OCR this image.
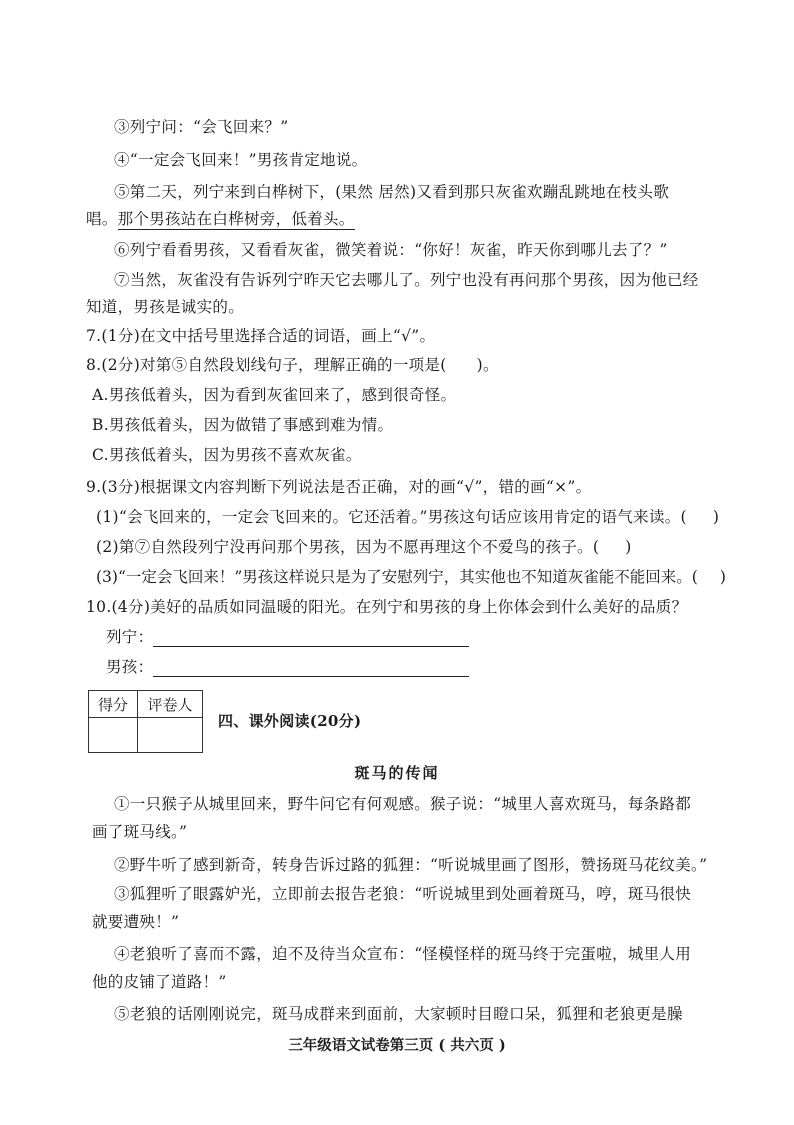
③列宁问：“会飞回来？”
④“一定会飞回来！”男孩肯定地说。
⑤第二天，列宁来到白桦树下，(果然 居然)又看到那只灰雀欢蹦乱跳地在枝头歌
唱。那个男孩站在白桦树旁，低着头。
⑥列宁看看男孩，又看看灰雀，微笑着说：“你好！灰雀，昨天你到哪儿去了？”
⑦当然，灰雀没有告诉列宁昨天它去哪儿了。列宁也没有再问那个男孩，因为他已经
知道，男孩是诚实的。
7.(1分)在文中括号里选择合适的词语，画上“√”。
8.(2分)对第⑤自然段划线句子，理解正确的一项是( )。
A.男孩低着头，因为看到灰雀回来了，感到很奇怪。
B.男孩低着头，因为做错了事感到难为情。
C.男孩低着头，因为男孩不喜欢灰雀。
9.(3分)根据课文内容判断下列说法是否正确，对的画“√”，错的画“×”。
(1)“会飞回来的，一定会飞回来的。它还活着。”男孩这句话应该用肯定的语气来读。( )
(2)第⑦自然段列宁没再问那个男孩，因为不愿再理这个不爱鸟的孩子。( )
(3)“一定会飞回来！”男孩这样说只是为了安慰列宁，其实他也不知道灰雀能不能回来。( )
10.(4分)美好的品质如同温暖的阳光。在列宁和男孩的身上你体会到什么美好的品质？
列宁：
男孩：
得分	评卷人

四、课外阅读(20分)
斑马的传闻
①一只猴子从城里回来，野牛问它有何观感。猴子说：“城里人喜欢斑马，每条路都
画了斑马线。”
②野牛听了感到新奇，转身告诉过路的狐狸：“听说城里画了图形，赞扬斑马花纹美。”
③狐狸听了眼露妒光，立即前去报告老狼：“听说城里到处画着斑马，哼，斑马很快
就要遭殃！”
④老狼听了喜而不露，迫不及待当众宣布：“怪模怪样的斑马终于完蛋啦，城里人用
他的皮铺了道路！”
⑤老狼的话刚刚说完，斑马成群来到面前，大家顿时目瞪口呆，狐狸和老狼更是臊
三年级语文试卷第三页 ( 共六页 )
